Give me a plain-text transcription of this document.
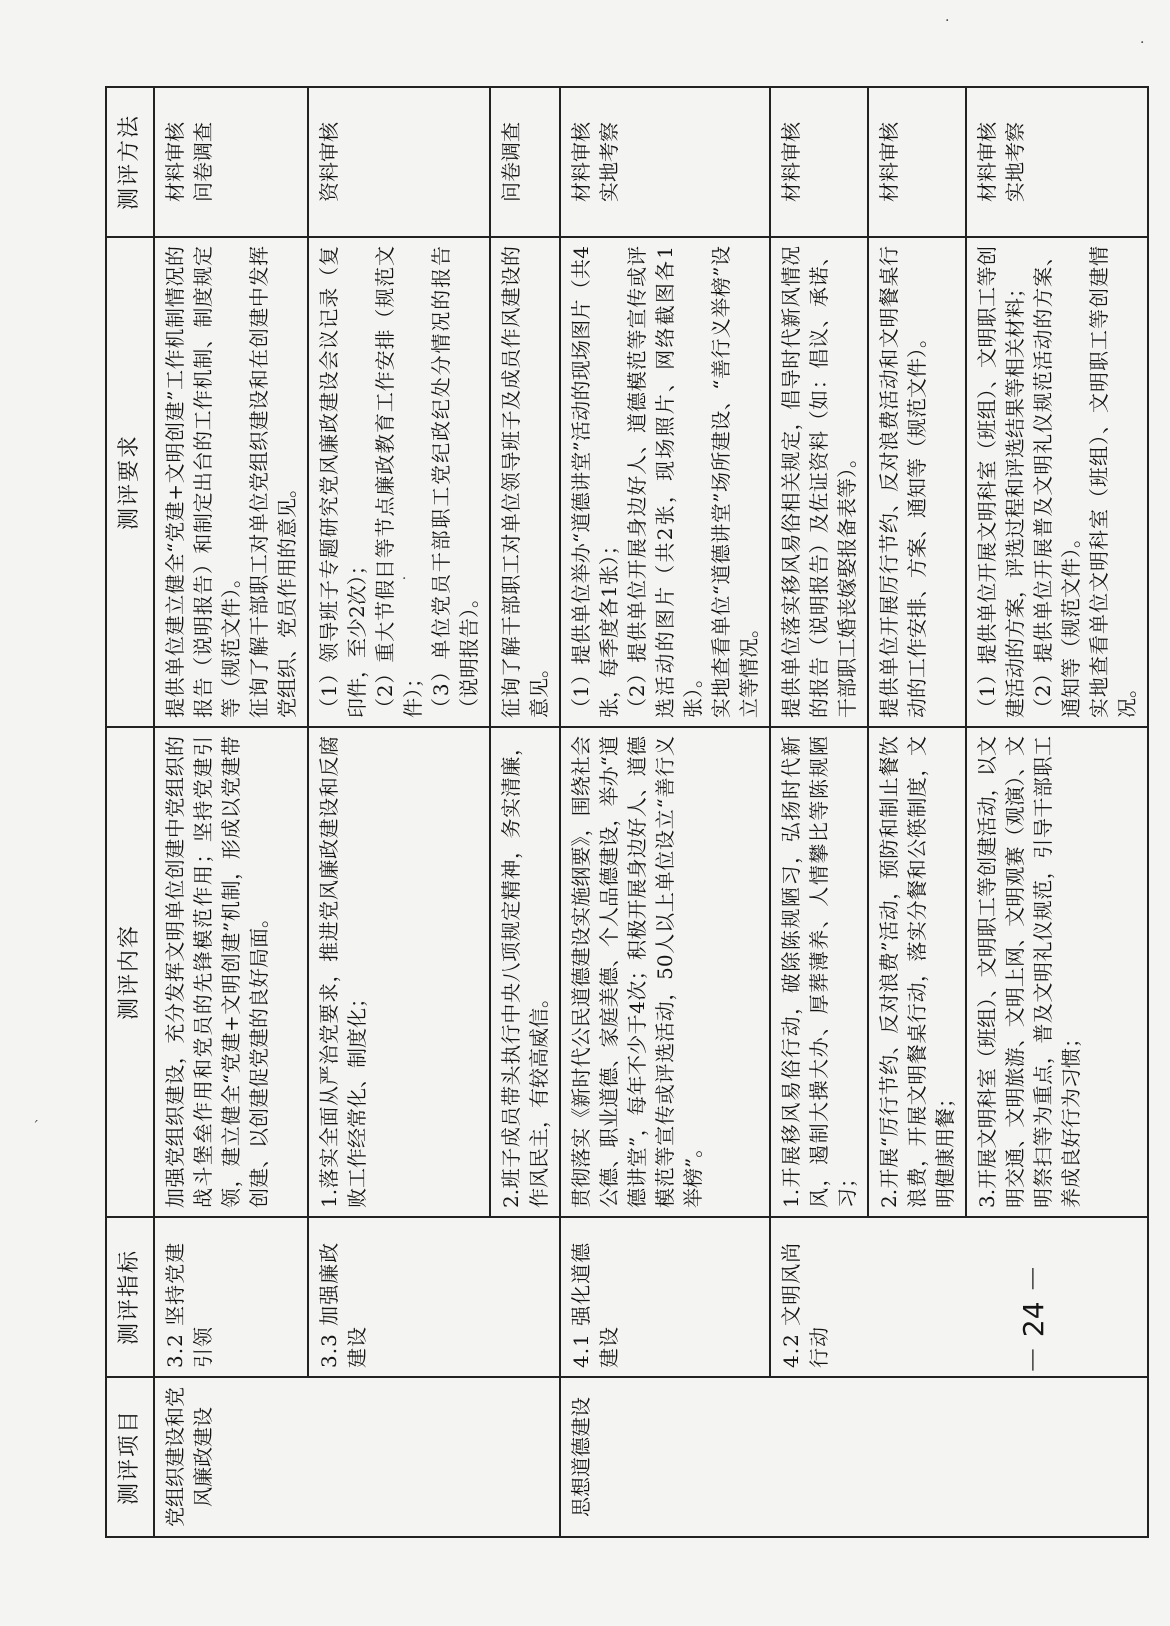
·
·
´
·
测评项目	测评指标	测评内容	测评要求	测评方法
党组织建设和党风廉政建设	3.2 坚持党建引领	加强党组织建设，充分发挥文明单位创建中党组织的战斗堡垒作用和党员的先锋模范作用；坚持党建引领，建立健全“党建+文明创建”机制，形成以党建带创建、以创建促党建的良好局面。	提供单位建立健全“党建+文明创建”工作机制情况的报告（说明报告）和制定出台的工作机制、制度规定等（规范文件）。 征询了解干部职工对单位党组织建设和在创建中发挥党组织、党员作用的意见。	材料审核
问卷调查

	3.3 加强廉政建设	1.落实全面从严治党要求，推进党风廉政建设和反腐败工作经常化、制度化；	（1）领导班子专题研究党风廉政建设会议记录（复印件，至少2次）； （2）重大节假日等节点廉政教育工作安排（规范文件）； （3）单位党员干部职工党纪政纪处分情况的报告（说明报告）。	资料审核

		2.班子成员带头执行中央八项规定精神，务实清廉，作风民主，有较高威信。	征询了解干部职工对单位领导班子及成员作风建设的意见。	问卷调查

思想道德建设	4.1 强化道德建设	贯彻落实《新时代公民道德建设实施纲要》，围绕社会公德、职业道德、家庭美德、个人品德建设，举办“道德讲堂”，每年不少于4次；积极开展身边好人、道德模范等宣传或评选活动，50人以上单位设立“善行义举榜”。	（1）提供单位举办“道德讲堂”活动的现场图片（共4张，每季度各1张）； （2）提供单位开展身边好人、道德模范等宣传或评选活动的图片（共2张，现场照片、网络截图各1张）。 实地查看单位“道德讲堂”场所建设、“善行义举榜”设立等情况。	材料审核
实地考察

	4.2 文明风尚行动	1.开展移风易俗行动，破除陈规陋习，弘扬时代新风，遏制大操大办、厚葬薄养、人情攀比等陈规陋习；	提供单位落实移风易俗相关规定，倡导时代新风情况的报告（说明报告）及佐证资料（如：倡议、承诺、干部职工婚丧嫁娶报备表等）。	材料审核

		2.开展“厉行节约、反对浪费”活动，预防和制止餐饮浪费，开展文明餐桌行动，落实分餐和公筷制度，文明健康用餐；	提供单位开展厉行节约、反对浪费活动和文明餐桌行动的工作安排、方案、通知等（规范文件）。	材料审核

		3.开展文明科室（班组）、文明职工等创建活动，以文明交通、文明旅游、文明上网、文明观赛（观演）、文明祭扫等为重点，普及文明礼仪规范，引导干部职工养成良好行为习惯；	（1）提供单位开展文明科室（班组）、文明职工等创建活动的方案，评选过程和评选结果等相关材料； （2）提供单位开展普及文明礼仪规范活动的方案、通知等（规范文件）。 实地查看单位文明科室（班组）、文明职工等创建情况。	材料审核
实地考察
－ 24 －
